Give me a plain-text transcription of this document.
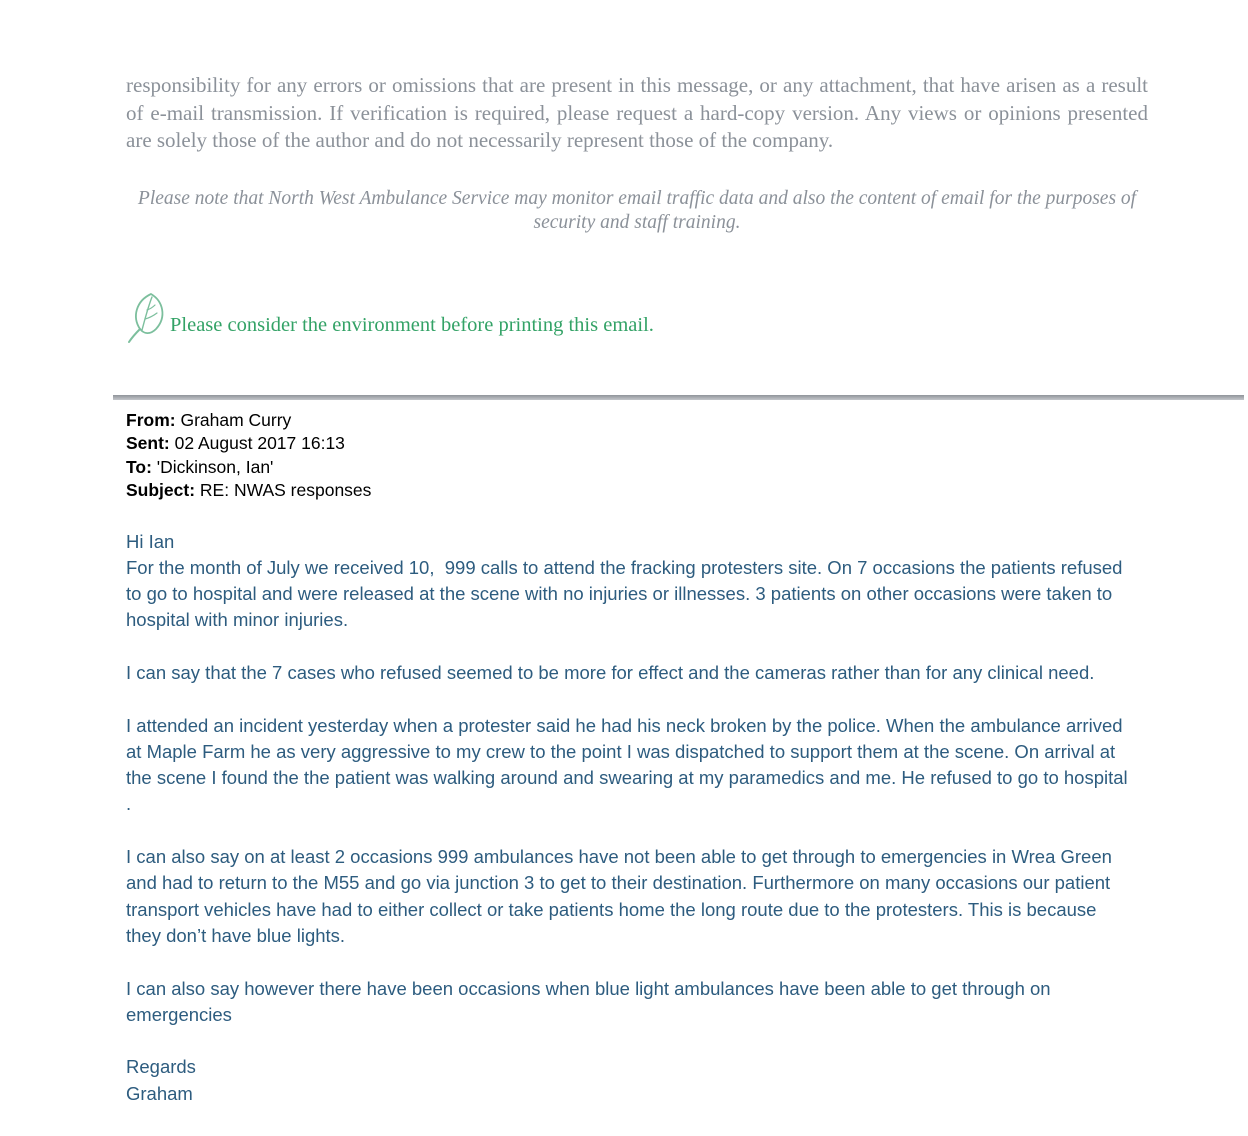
responsibility for any errors or omissions that are present in this message, or any attachment, that have arisen as a result of e-mail transmission. If verification is required, please request a hard-copy version. Any views or opinions presented are solely those of the author and do not necessarily represent those of the company.
Please note that North West Ambulance Service may monitor email traffic data and also the content of email for the purposes of security and staff training.
Please consider the environment before printing this email.
From: Graham Curry
Sent: 02 August 2017 16:13
To: 'Dickinson, Ian'
Subject: RE: NWAS responses
Hi Ian

For the month of July we received 10,  999 calls to attend the fracking protesters site. On 7 occasions the patients refused to go to hospital and were released at the scene with no injuries or illnesses. 3 patients on other occasions were taken to hospital with minor injuries.

I can say that the 7 cases who refused seemed to be more for effect and the cameras rather than for any clinical need.

I attended an incident yesterday when a protester said he had his neck broken by the police. When the ambulance arrived at Maple Farm he as very aggressive to my crew to the point I was dispatched to support them at the scene. On arrival at the scene I found the the patient was walking around and swearing at my paramedics and me. He refused to go to hospital .

I can also say on at least 2 occasions 999 ambulances have not been able to get through to emergencies in Wrea Green and had to return to the M55 and go via junction 3 to get to their destination. Furthermore on many occasions our patient transport vehicles have had to either collect or take patients home the long route due to the protesters. This is because they don’t have blue lights.

I can also say however there have been occasions when blue light ambulances have been able to get through on emergencies

Regards
Graham
